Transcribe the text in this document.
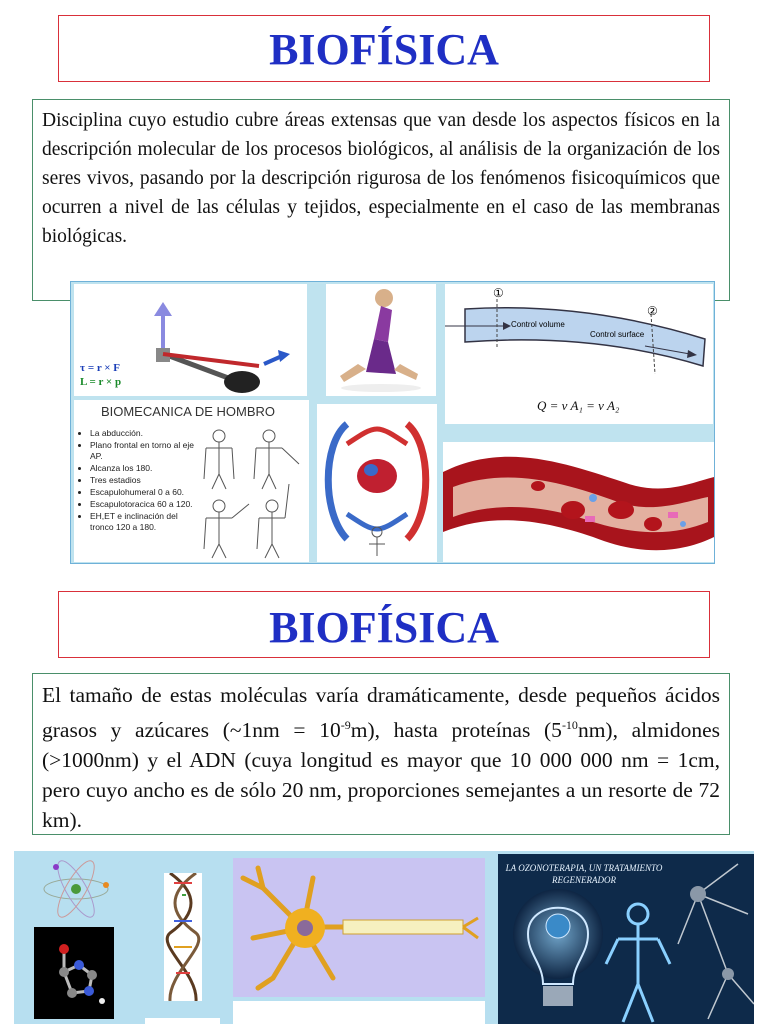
BIOFÍSICA
Disciplina cuyo estudio cubre áreas extensas que van desde los aspectos físicos en la descripción molecular de los procesos biológicos, al análisis de la organización de los seres vivos, pasando por la descripción rigurosa de los fenómenos fisicoquímicos que ocurren a nivel de las células y tejidos, especialmente en el caso de las membranas biológicas.
τ = r × F
L = r × p
①
②
Control volume
Control surface
Q = v A₁ = v A₂
BIOMECANICA DE HOMBRO
• La abducción.
• Plano frontal en torno al eje AP.
• Alcanza los 180.
• Tres estadios
• Escapulohumeral 0 a 60.
• Escapulotoracica 60 a 120.
• EH,ET e inclinación del tronco 120 a 180.
BIOFÍSICA
El tamaño de estas moléculas varía dramáticamente, desde pequeños ácidos grasos y azúcares (~1nm = $10^{-9}m$), hasta proteínas $(5^{-10}nm)$, almidones (>1000nm) y el ADN (cuya longitud es mayor que 10 000 000 nm = 1cm, pero cuyo ancho es de sólo 20 nm, proporciones semejantes a un resorte de 72 km).
LA OZONOTERAPIA, UN TRATAMIENTO REGENERADOR
